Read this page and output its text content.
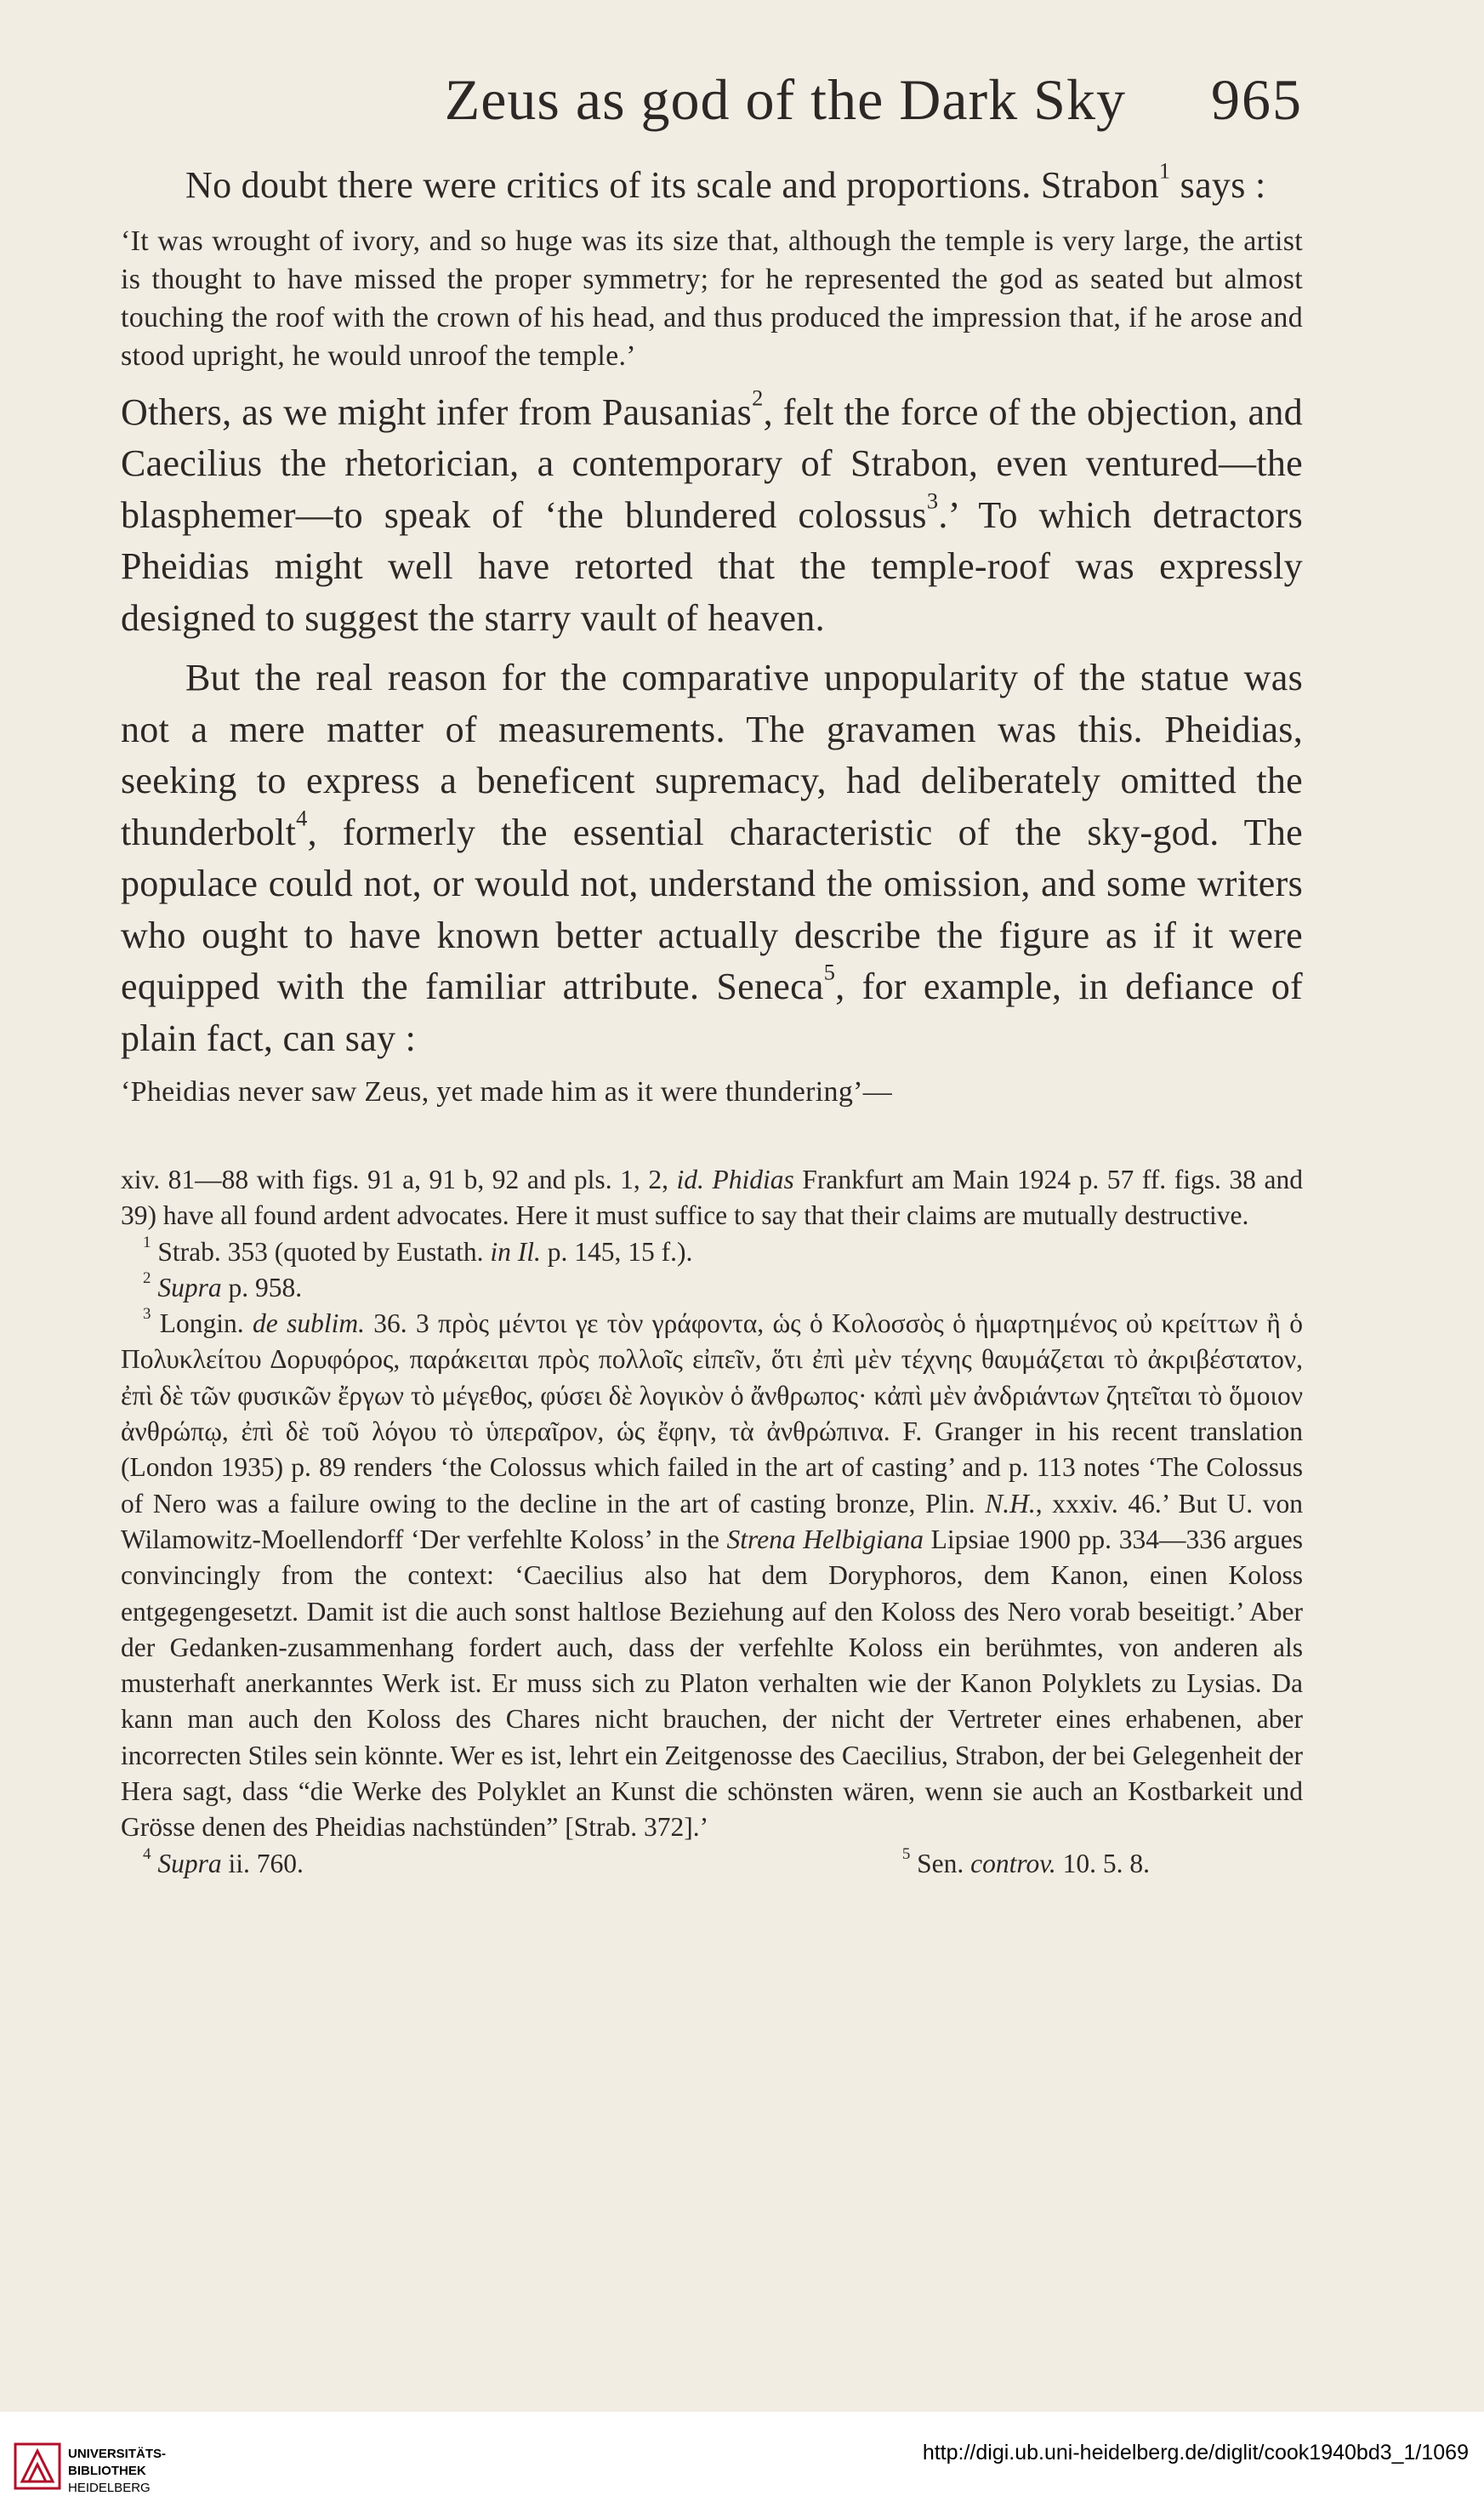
Zeus as god of the Dark Sky 965

No doubt there were critics of its scale and proportions. Strabon$^1$ says :

‘It was wrought of ivory, and so huge was its size that, although the temple is very large, the artist is thought to have missed the proper symmetry; for he represented the god as seated but almost touching the roof with the crown of his head, and thus produced the impression that, if he arose and stood upright, he would unroof the temple.’

Others, as we might infer from Pausanias$^2$, felt the force of the objection, and Caecilius the rhetorician, a contemporary of Strabon, even ventured—the blasphemer—to speak of ‘the blundered colossus$^3$.’ To which detractors Pheidias might well have retorted that the temple-roof was expressly designed to suggest the starry vault of heaven.

But the real reason for the comparative unpopularity of the statue was not a mere matter of measurements. The gravamen was this. Pheidias, seeking to express a beneficent supremacy, had deliberately omitted the thunderbolt$^4$, formerly the essential characteristic of the sky-god. The populace could not, or would not, understand the omission, and some writers who ought to have known better actually describe the figure as if it were equipped with the familiar attribute. Seneca$^5$, for example, in defiance of plain fact, can say :

‘Pheidias never saw Zeus, yet made him as it were thundering’—

xiv. 81—88 with figs. 91 a, 91 b, 92 and pls. 1, 2, id. Phidias Frankfurt am Main 1924 p. 57 ff. figs. 38 and 39) have all found ardent advocates. Here it must suffice to say that their claims are mutually destructive.

$^1$ Strab. 353 (quoted by Eustath. in Il. p. 145, 15 f.).

$^2$ Supra p. 958.

$^3$ Longin. de sublim. 36. 3 πρὸς μέντοι γε τὸν γράφοντα, ὡς ὁ Κολοσσὸς ὁ ἡμαρτημένος οὐ κρείττων ἢ ὁ Πολυκλείτου Δορυφόρος, παράκειται πρὸς πολλοῖς εἰπεῖν, ὅτι ἐπὶ μὲν τέχνης θαυμάζεται τὸ ἀκριβέστατον, ἐπὶ δὲ τῶν φυσικῶν ἔργων τὸ μέγεθος, φύσει δὲ λογικὸν ὁ ἄνθρωπος· κἀπὶ μὲν ἀνδριάντων ζητεῖται τὸ ὅμοιον ἀνθρώπῳ, ἐπὶ δὲ τοῦ λόγου τὸ ὑπεραῖρον, ὡς ἔφην, τὰ ἀνθρώπινα. F. Granger in his recent translation (London 1935) p. 89 renders ‘the Colossus which failed in the art of casting’ and p. 113 notes ‘The Colossus of Nero was a failure owing to the decline in the art of casting bronze, Plin. N.H., xxxiv. 46.’ But U. von Wilamowitz-Moellendorff ‘Der verfehlte Koloss’ in the Strena Helbigiana Lipsiae 1900 pp. 334—336 argues convincingly from the context: ‘Caecilius also hat dem Doryphoros, dem Kanon, einen Koloss entgegengesetzt. Damit ist die auch sonst haltlose Beziehung auf den Koloss des Nero vorab beseitigt.’ Aber der Gedanken-zusammenhang fordert auch, dass der verfehlte Koloss ein berühmtes, von anderen als musterhaft anerkanntes Werk ist. Er muss sich zu Platon verhalten wie der Kanon Polyklets zu Lysias. Da kann man auch den Koloss des Chares nicht brauchen, der nicht der Vertreter eines erhabenen, aber incorrecten Stiles sein könnte. Wer es ist, lehrt ein Zeitgenosse des Caecilius, Strabon, der bei Gelegenheit der Hera sagt, dass “die Werke des Polyklet an Kunst die schönsten wären, wenn sie auch an Kostbarkeit und Grösse denen des Pheidias nachstünden” [Strab. 372].’

$^4$ Supra ii. 760.	$^5$ Sen. controv. 10. 5. 8.

UNIVERSITÄTS-
BIBLIOTHEK
HEIDELBERG
http://digi.ub.uni-heidelberg.de/diglit/cook1940bd3_1/1069
